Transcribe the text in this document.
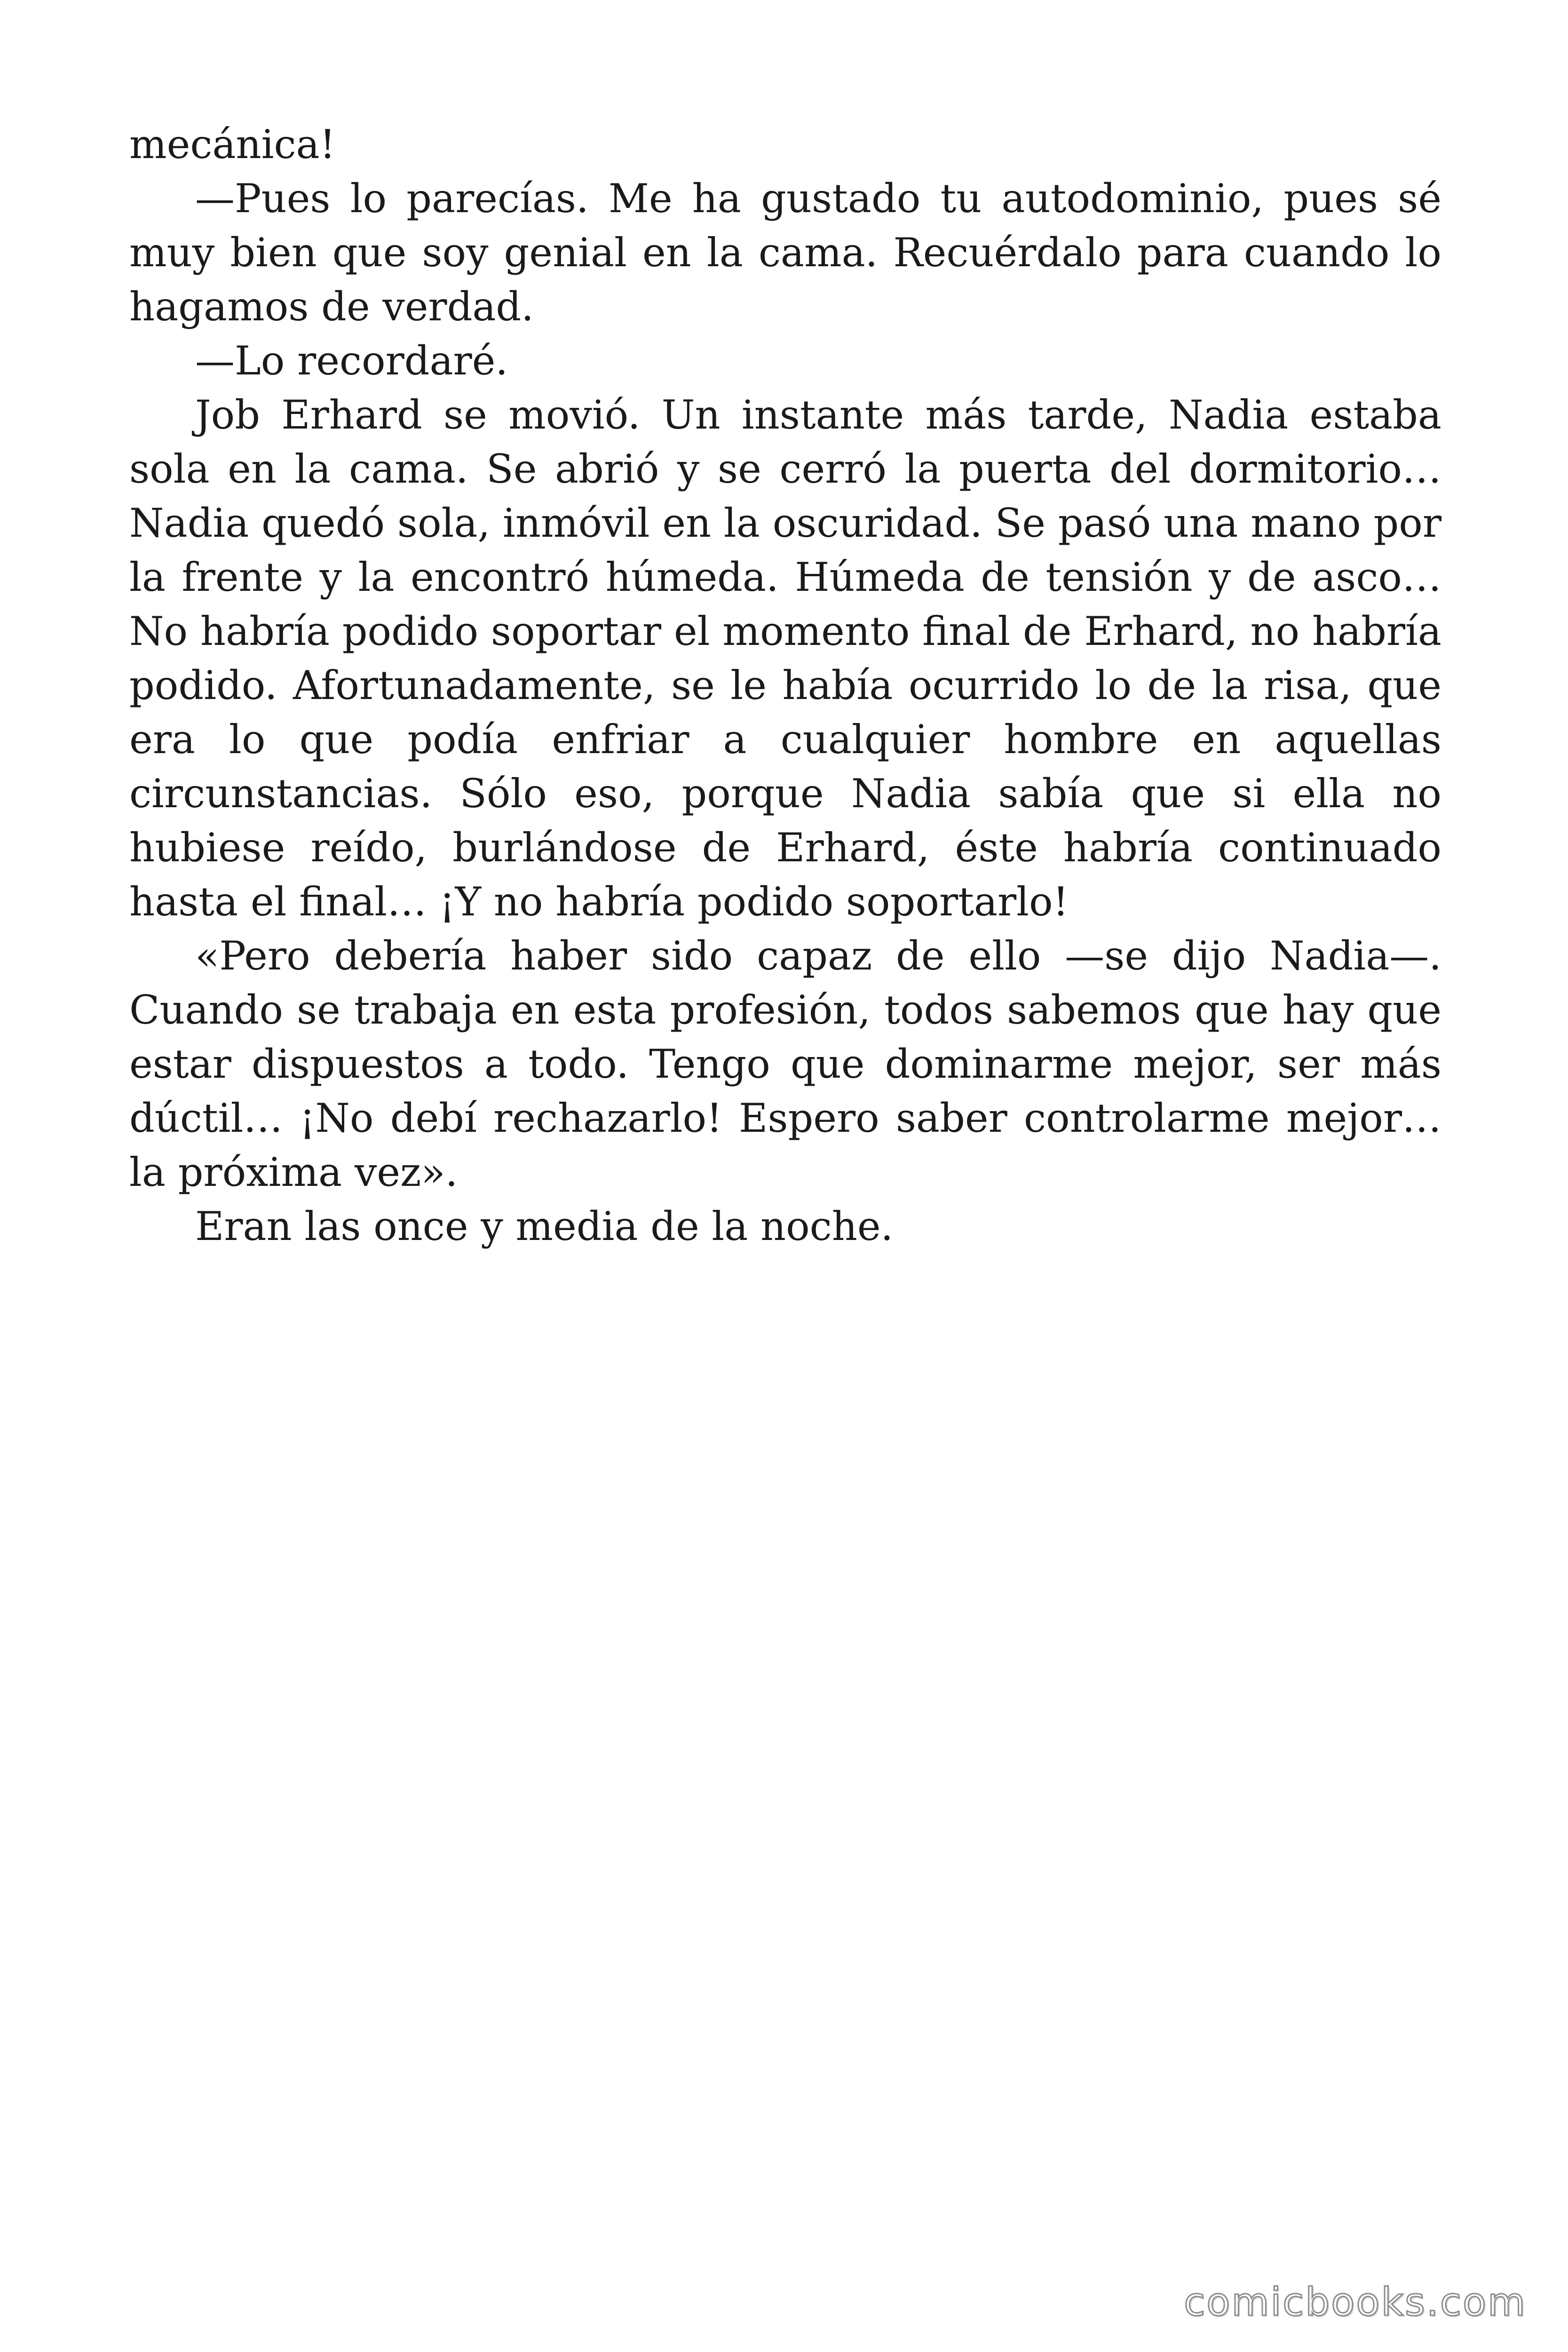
mecánica!

—Pues lo parecías. Me ha gustado tu autodominio, pues sé muy bien que soy genial en la cama. Recuérdalo para cuando lo hagamos de verdad.

—Lo recordaré.

Job Erhard se movió. Un instante más tarde, Nadia estaba sola en la cama. Se abrió y se cerró la puerta del dormitorio… Nadia quedó sola, inmóvil en la oscuridad. Se pasó una mano por la frente y la encontró húmeda. Húmeda de tensión y de asco… No habría podido soportar el momento final de Erhard, no habría podido. Afortunadamente, se le había ocurrido lo de la risa, que era lo que podía enfriar a cualquier hombre en aquellas circunstancias. Sólo eso, porque Nadia sabía que si ella no hubiese reído, burlándose de Erhard, éste habría continuado hasta el final… ¡Y no habría podido soportarlo!

«Pero debería haber sido capaz de ello —se dijo Nadia—. Cuando se trabaja en esta profesión, todos sabemos que hay que estar dispuestos a todo. Tengo que dominarme mejor, ser más dúctil… ¡No debí rechazarlo! Espero saber controlarme mejor… la próxima vez».

Eran las once y media de la noche.

comicbooks.com
